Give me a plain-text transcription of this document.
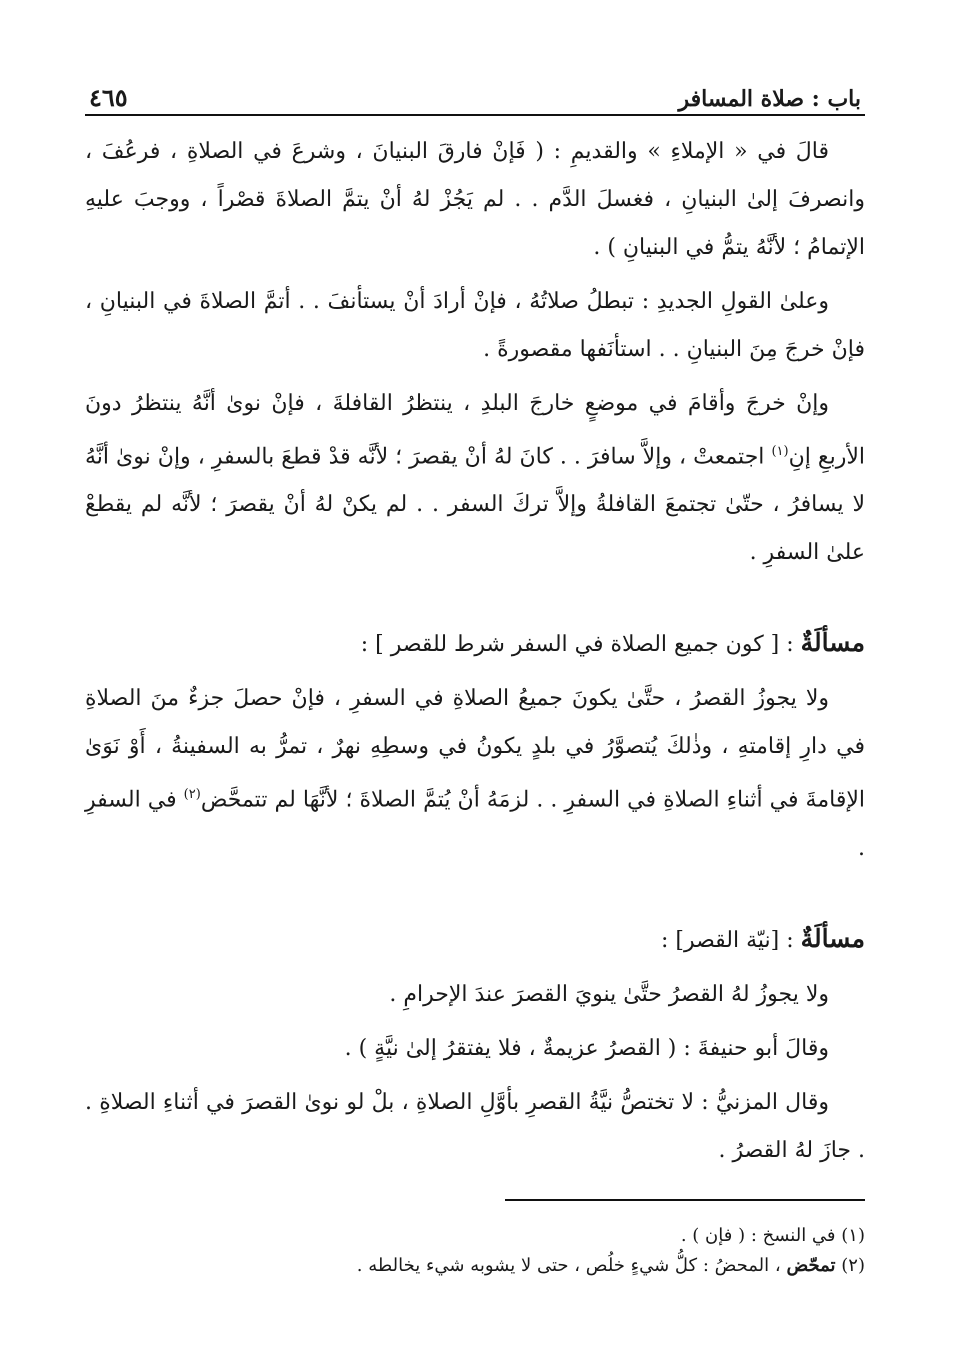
باب : صلاة المسافر
٤٦٥

قالَ في « الإملاءِ » والقديمِ : ( فَإنْ فارقَ البنيانَ ، وشرعَ في الصلاةِ ، فرعُفَ ، وانصرفَ إلىٰ البنيانِ ، فغسلَ الدَّم . . لم يَجُزْ لهُ أنْ يتمَّ الصلاةَ قصْراً ، ووجبَ عليهِ الإتمامُ ؛ لأنَّهُ يتمُّ في البنيانِ ) .

وعلىٰ القولِ الجديدِ : تبطلُ صلاتُهُ ، فإنْ أرادَ أنْ يستأنفَ . . أتمَّ الصلاةَ في البنيانِ ، فإنْ خرجَ مِنَ البنيانِ . . استأنَفها مقصورةً .

وإنْ خرجَ وأقامَ في موضعٍ خارجَ البلدِ ، ينتظرُ القافلةَ ، فإنْ نوىٰ أنَّهُ ينتظرُ دونَ الأربعِ إنِ$^{(١)}$ اجتمعتْ ، وإلاَّ سافرَ . . كانَ لهُ أنْ يقصرَ ؛ لأنَّه قدْ قطعَ بالسفرِ ، وإنْ نوىٰ أنَّهُ لا يسافرُ ، حتّىٰ تجتمعَ القافلةُ وإلاَّ تركَ السفر . . لم يكنْ لهُ أنْ يقصرَ ؛ لأنَّه لم يقطعْ علىٰ السفرِ .

مسألَةٌ : [ كون جميع الصلاة في السفر شرط للقصر ] :

ولا يجوزُ القصرُ ، حتَّىٰ يكونَ جميعُ الصلاةِ في السفرِ ، فإنْ حصلَ جزءٌ منَ الصلاةِ في دارِ إقامتهِ ، وذٰلكَ يُتصوَّرُ في بلدٍ يكونُ في وسطِهِ نهرٌ ، تمرُّ به السفينةُ ، أَوْ نَوَىٰ الإقامةَ في أثناءِ الصلاةِ في السفرِ . . لزمَهُ أنْ يُتمَّ الصلاةَ ؛ لأنَّهَا لم تتمحَّض$^{(٢)}$ في السفرِ .

مسألَةٌ : [نيّة القصر] :

ولا يجوزُ لهُ القصرُ حتَّىٰ ينويَ القصرَ عندَ الإحرامِ .

وقالَ أبو حنيفةَ : ( القصرُ عزيمةٌ ، فلا يفتقرُ إلىٰ نيَّةٍ ) .

وقال المزنيُّ : لا تختصُّ نيَّةُ القصرِ بأوَّلِ الصلاةِ ، بلْ لو نوىٰ القصرَ في أثناءِ الصلاةِ . . جازَ لهُ القصرُ .

(١) في النسخ : ( فإن ) .
(٢) تمحّض ، المحضُ : كلُّ شيءٍ خلُص ، حتى لا يشوبه شيء يخالطه .
